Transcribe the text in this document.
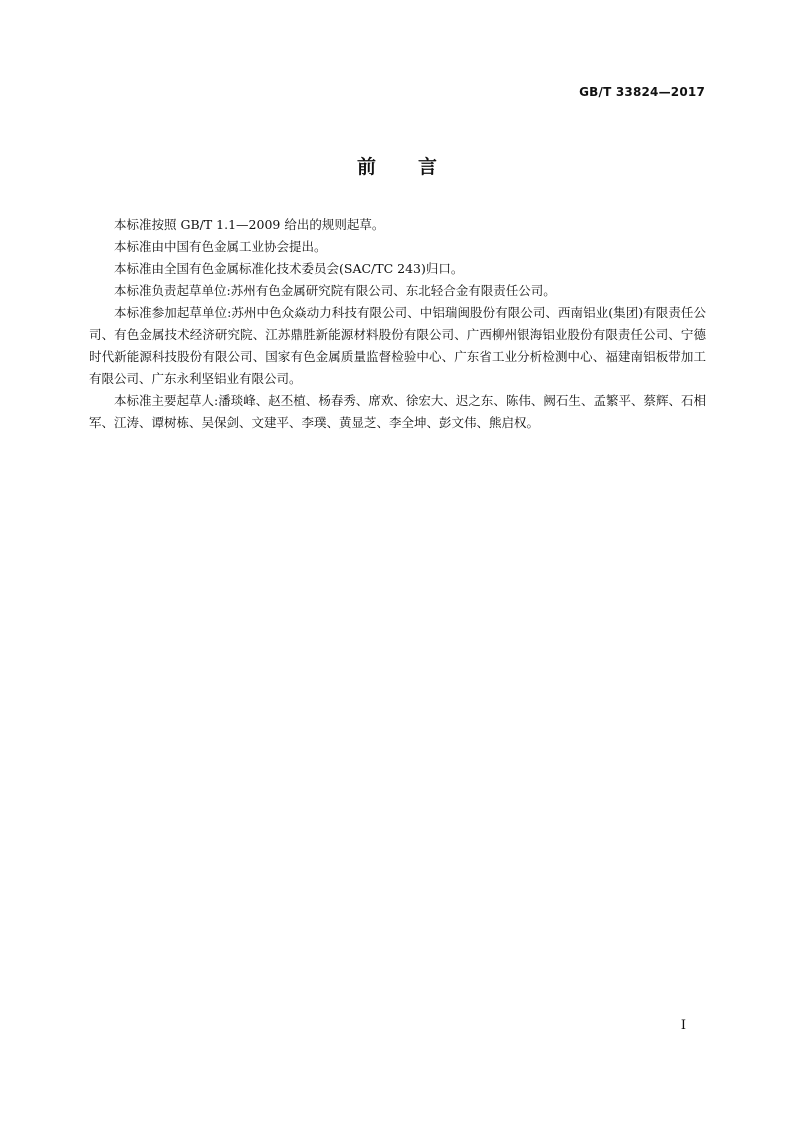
GB/T 33824—2017
前言

本标准按照 GB/T 1.1—2009 给出的规则起草。

本标准由中国有色金属工业协会提出。

本标准由全国有色金属标准化技术委员会(SAC/TC 243)归口。

本标准负责起草单位:苏州有色金属研究院有限公司、东北轻合金有限责任公司。

本标准参加起草单位:苏州中色众焱动力科技有限公司、中铝瑞闽股份有限公司、西南铝业(集团)有限责任公司、有色金属技术经济研究院、江苏鼎胜新能源材料股份有限公司、广西柳州银海铝业股份有限责任公司、宁德时代新能源科技股份有限公司、国家有色金属质量监督检验中心、广东省工业分析检测中心、福建南铝板带加工有限公司、广东永利坚铝业有限公司。

本标准主要起草人:潘琰峰、赵丕植、杨春秀、席欢、徐宏大、迟之东、陈伟、阙石生、孟繁平、蔡辉、石相军、江涛、谭树栋、吴保剑、文建平、李璞、黄显芝、李全坤、彭文伟、熊启权。

I
